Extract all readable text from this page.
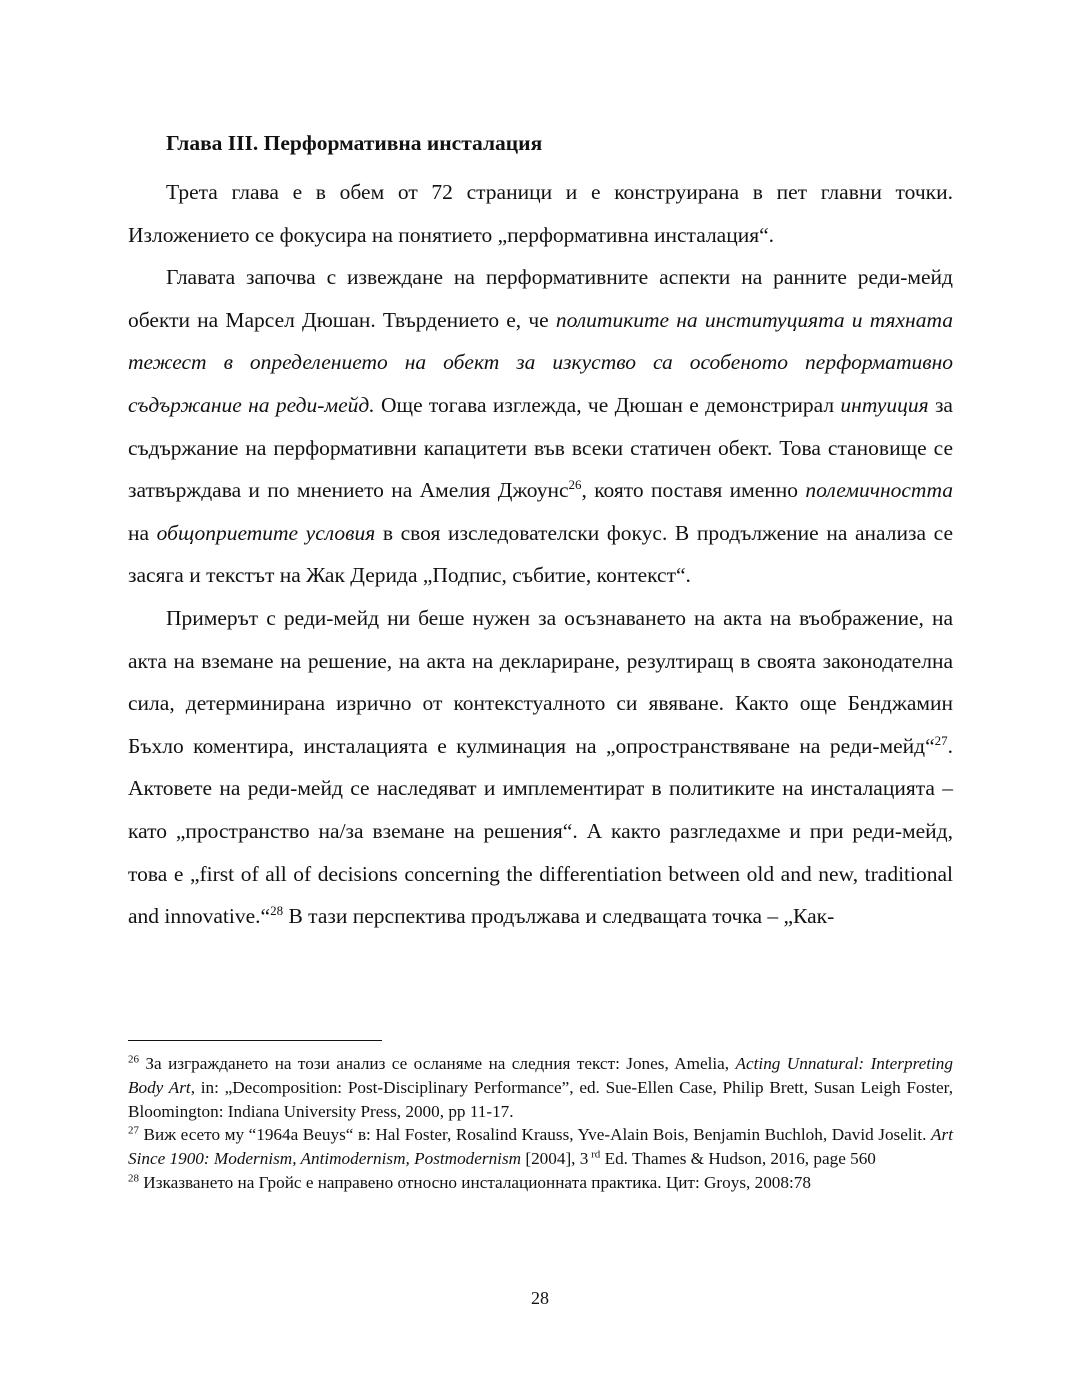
Глава III. Перформативна инсталация

Трета глава е в обем от 72 страници и е конструирана в пет главни точки. Изложението се фокусира на понятието „перформативна инсталация“.

Главата започва с извеждане на перформативните аспекти на ранните реди-мейд обекти на Марсел Дюшан. Твърдението е, че политиките на институцията и тяхната тежест в определението на обект за изкуство са особеното перформативно съдържание на реди-мейд. Още тогава изглежда, че Дюшан е демонстрирал интуиция за съдържание на перформативни капацитети във всеки статичен обект. Това становище се затвърждава и по мнението на Амелия Джоунс$^{26}$, която поставя именно полемичността на общоприетите условия в своя изследователски фокус. В продължение на анализа се засяга и текстът на Жак Дерида „Подпис, събитие, контекст“.

Примерът с реди-мейд ни беше нужен за осъзнаването на акта на въображение, на акта на вземане на решение, на акта на деклариране, резултиращ в своята законодателна сила, детерминирана изрично от контекстуалното си явяване. Както още Бенджамин Бъхло коментира, инсталацията е кулминация на „опространствяване на реди-мейд“$^{27}$. Актовете на реди-мейд се наследяват и имплементират в политиките на инсталацията – като „пространство на/за вземане на решения“. А както разгледахме и при реди-мейд, това е „first of all of decisions concerning the differentiation between old and new, traditional and innovative.“$^{28}$ В тази перспектива продължава и следващата точка – „Как-

$^{26}$ За изграждането на този анализ се осланяме на следния текст: Jones, Amelia, Acting Unnatural: Interpreting Body Art, in: „Decomposition: Post-Disciplinary Performance”, ed. Sue-Ellen Case, Philip Brett, Susan Leigh Foster, Bloomington: Indiana University Press, 2000, pp 11-17.

$^{27}$ Виж есето му “1964a Beuys“ в: Hal Foster, Rosalind Krauss, Yve-Alain Bois, Benjamin Buchloh, David Joselit. Art Since 1900: Modernism, Antimodernism, Postmodernism [2004], 3 $^{rd}$ Ed. Thames & Hudson, 2016, page 560

$^{28}$ Изказването на Гройс е направено относно инсталационната практика. Цит: Groys, 2008:78

28
